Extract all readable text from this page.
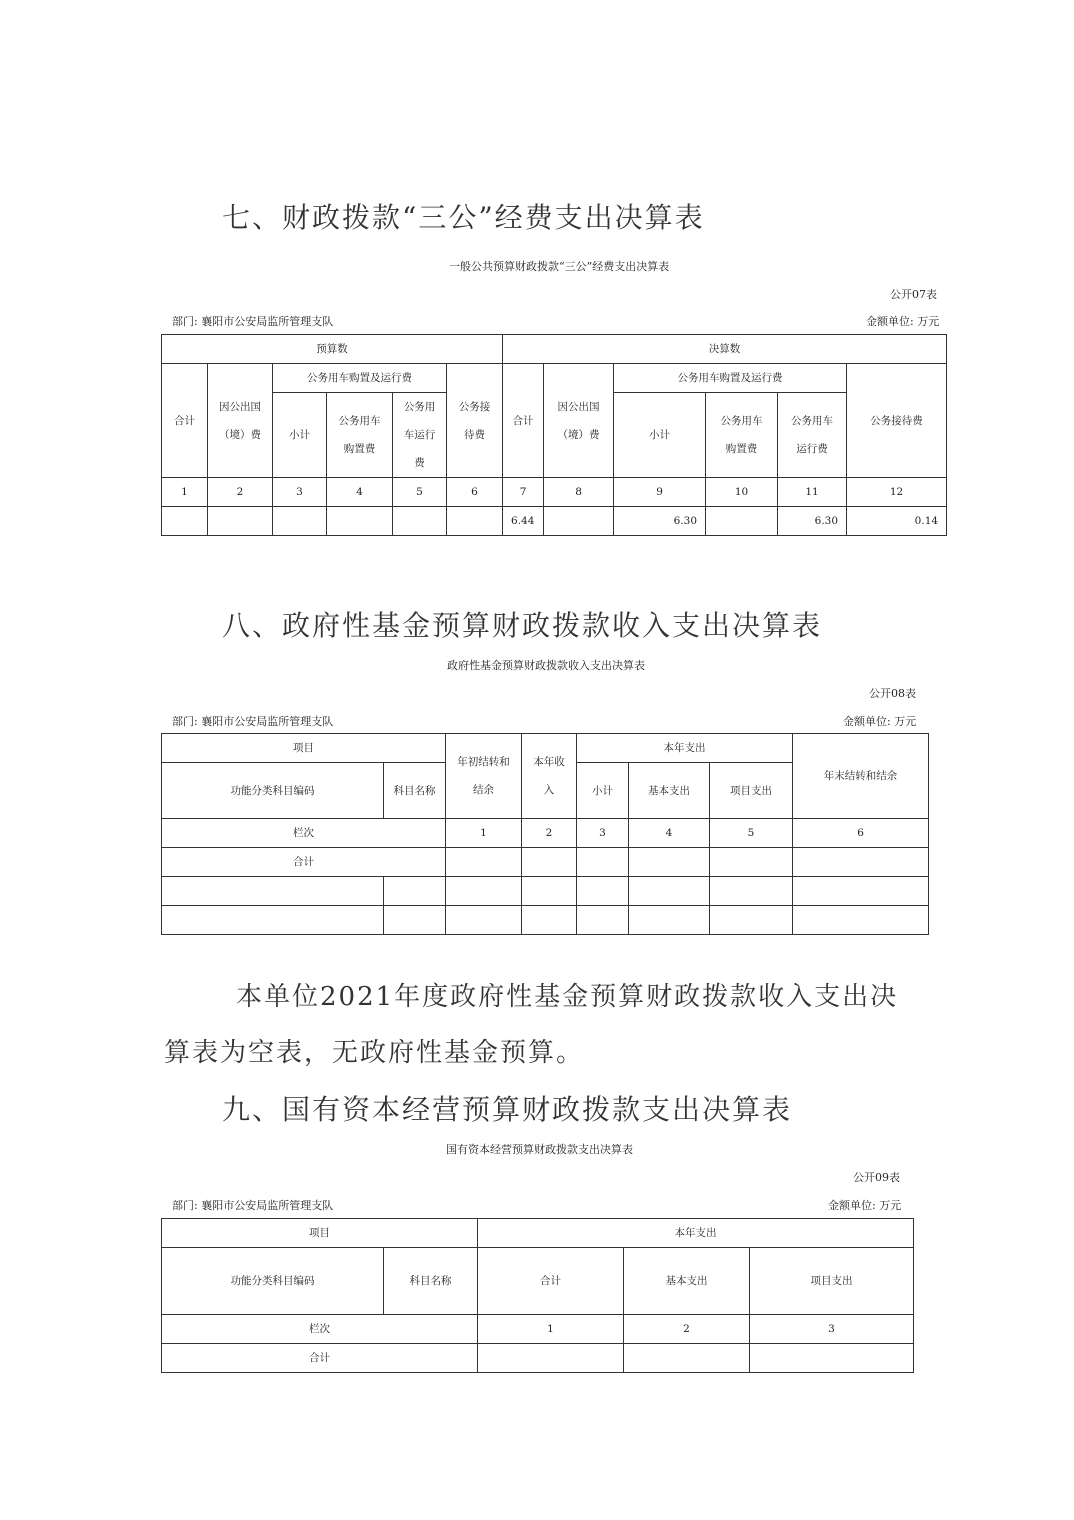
七、财政拨款“三公”经费支出决算表
一般公共预算财政拨款“三公”经费支出决算表
公开07表
部门: 襄阳市公安局监所管理支队	金额单位: 万元
预算数						决算数					
合计	因公出国（境）费	公务用车购置及运行费			公务接待费	合计	因公出国（境）费	公务用车购置及运行费			公务接待费
		小计	公务用车购置费	公务用车运行费				小计	公务用车购置费	公务用车运行费	
1	2	3	4	5	6	7	8	9	10	11	12
						6.44		6.30		6.30	0.14
八、政府性基金预算财政拨款收入支出决算表
政府性基金预算财政拨款收入支出决算表
公开08表
部门: 襄阳市公安局监所管理支队	金额单位: 万元
项目		年初结转和结余	本年收入	本年支出			年末结转和结余
功能分类科目编码	科目名称			小计	基本支出	项目支出	
栏次		1	2	3	4	5	6
合计							

本单位2021年度政府性基金预算财政拨款收入支出决
算表为空表，无政府性基金预算。
九、国有资本经营预算财政拨款支出决算表
国有资本经营预算财政拨款支出决算表
公开09表
部门: 襄阳市公安局监所管理支队	金额单位: 万元
项目		本年支出		
功能分类科目编码	科目名称	合计	基本支出	项目支出
栏次		1	2	3
合计				
